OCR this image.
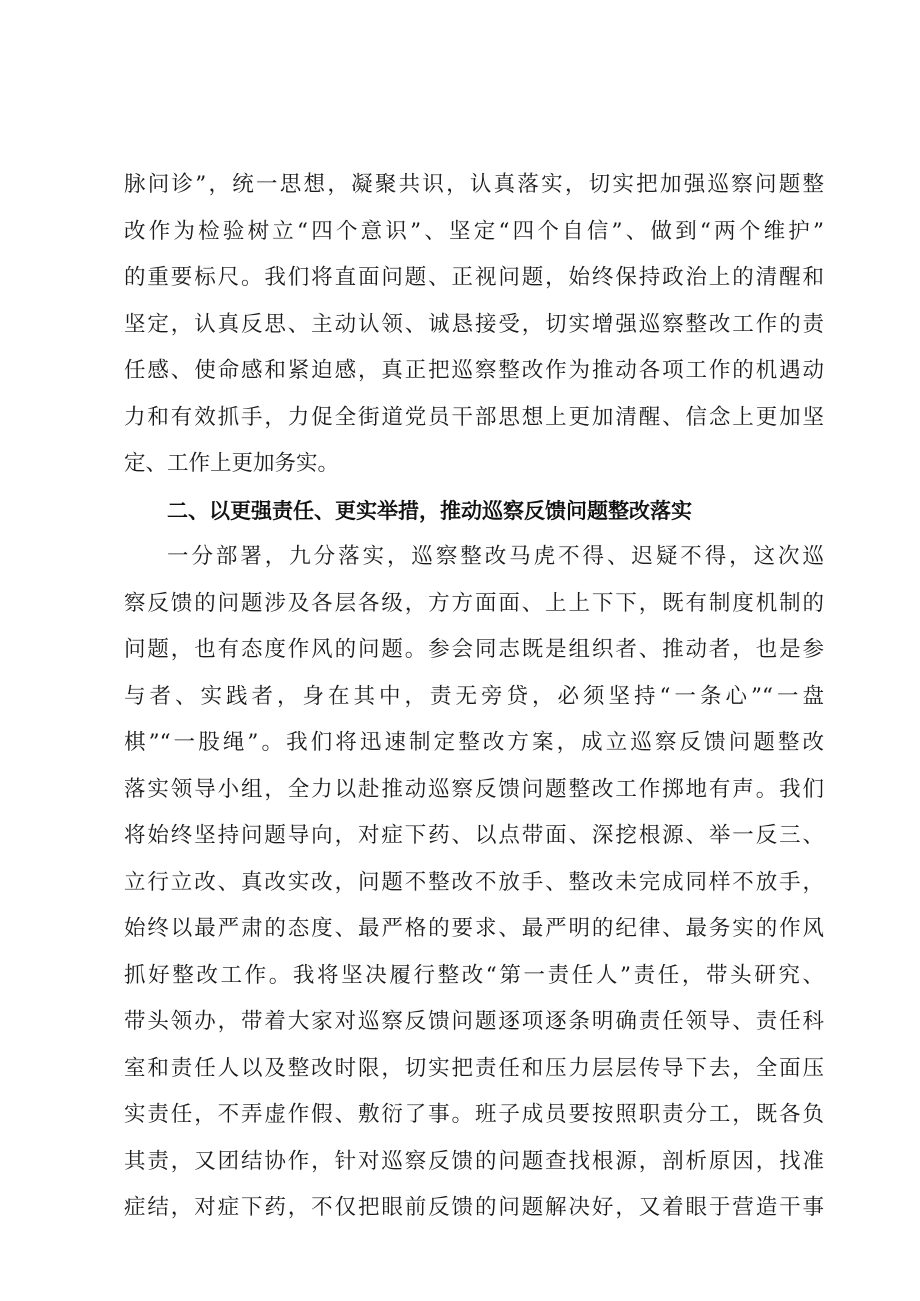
脉问诊”，统一思想，凝聚共识，认真落实，切实把加强巡察问题整
改作为检验树立“四个意识”、坚定“四个自信”、做到“两个维护”
的重要标尺。我们将直面问题、正视问题，始终保持政治上的清醒和
坚定，认真反思、主动认领、诚恳接受，切实增强巡察整改工作的责
任感、使命感和紧迫感，真正把巡察整改作为推动各项工作的机遇动
力和有效抓手，力促全街道党员干部思想上更加清醒、信念上更加坚
定、工作上更加务实。
二、以更强责任、更实举措，推动巡察反馈问题整改落实
一分部署，九分落实，巡察整改马虎不得、迟疑不得，这次巡
察反馈的问题涉及各层各级，方方面面、上上下下，既有制度机制的
问题，也有态度作风的问题。参会同志既是组织者、推动者，也是参
与者、实践者，身在其中，责无旁贷，必须坚持“一条心”“一盘
棋”“一股绳”。我们将迅速制定整改方案，成立巡察反馈问题整改
落实领导小组，全力以赴推动巡察反馈问题整改工作掷地有声。我们
将始终坚持问题导向，对症下药、以点带面、深挖根源、举一反三、
立行立改、真改实改，问题不整改不放手、整改未完成同样不放手，
始终以最严肃的态度、最严格的要求、最严明的纪律、最务实的作风
抓好整改工作。我将坚决履行整改“第一责任人”责任，带头研究、
带头领办，带着大家对巡察反馈问题逐项逐条明确责任领导、责任科
室和责任人以及整改时限，切实把责任和压力层层传导下去，全面压
实责任，不弄虚作假、敷衍了事。班子成员要按照职责分工，既各负
其责，又团结协作，针对巡察反馈的问题查找根源，剖析原因，找准
症结，对症下药，不仅把眼前反馈的问题解决好，又着眼于营造干事
